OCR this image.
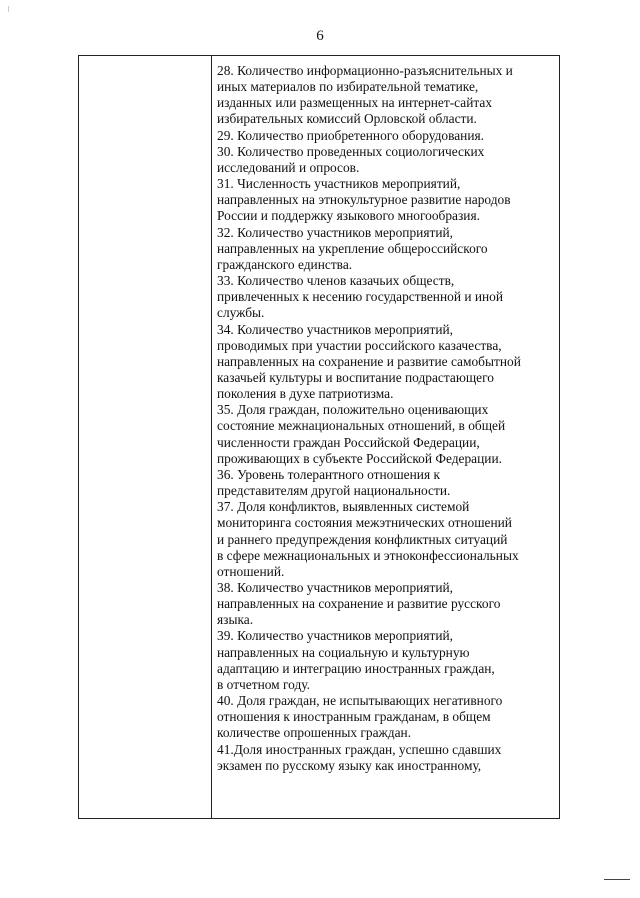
6
28. Количество информационно-разъяснительных и
иных материалов по избирательной тематике,
изданных или размещенных на интернет-сайтах
избирательных комиссий Орловской области.
29. Количество приобретенного оборудования.
30. Количество проведенных социологических
исследований и опросов.
31. Численность участников мероприятий,
направленных на этнокультурное развитие народов
России и поддержку языкового многообразия.
32. Количество участников мероприятий,
направленных на укрепление общероссийского
гражданского единства.
33. Количество членов казачьих обществ,
привлеченных к несению государственной и иной
службы.
34. Количество участников мероприятий,
проводимых при участии российского казачества,
направленных на сохранение и развитие самобытной
казачьей культуры и воспитание подрастающего
поколения в духе патриотизма.
35. Доля граждан, положительно оценивающих
состояние межнациональных отношений, в общей
численности граждан Российской Федерации,
проживающих в субъекте Российской Федерации.
36. Уровень толерантного отношения к
представителям другой национальности.
37. Доля конфликтов, выявленных системой
мониторинга состояния межэтнических отношений
и раннего предупреждения конфликтных ситуаций
в сфере межнациональных и этноконфессиональных
отношений.
38. Количество участников мероприятий,
направленных на сохранение и развитие русского
языка.
39. Количество участников мероприятий,
направленных на социальную и культурную
адаптацию и интеграцию иностранных граждан,
в отчетном году.
40. Доля граждан, не испытывающих негативного
отношения к иностранным гражданам, в общем
количестве опрошенных граждан.
41.Доля иностранных граждан, успешно сдавших
экзамен по русскому языку как иностранному,
